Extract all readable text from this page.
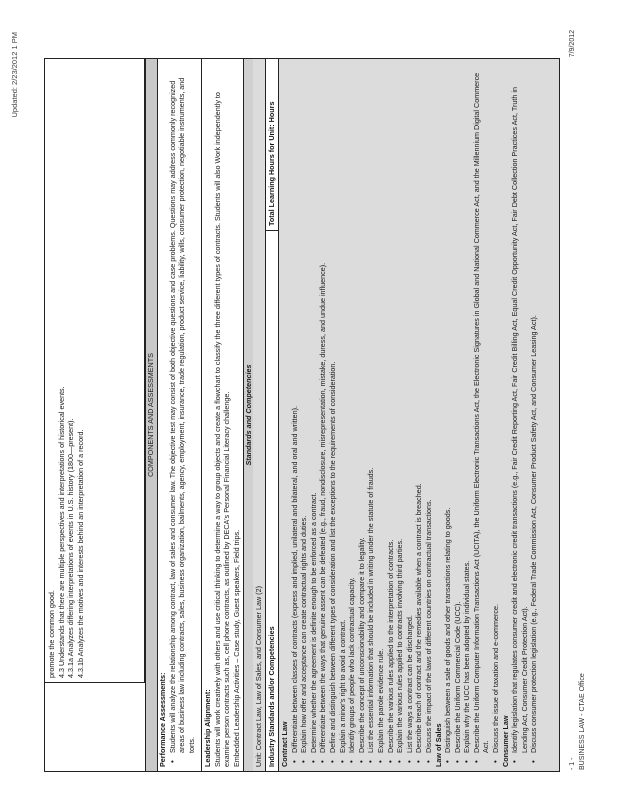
Updated: 2/23/2012 1 PM
promote the common good. 4.3 Understands that there are multiple perspectives and interpretations of historical events. 4.3.1a Analyzes differing interpretations of events in U.S. history (1800—present). 4.3.1b Analyzes the motives and interests behind an interpretation of a record.
COMPONENTS AND ASSESSMENTS
Performance Assessments: • Students will analyze the relationship among contract, law of sales and consumer law. The objective test may consist of both objective questions and case problems. Questions may address commonly recognized areas of business law including contracts, sales, business organization, bailments, agency, employment, insurance, trade regulation, product service, liability, wills, consumer protection, negotiable instruments, and torts. Leadership Alignment: Students will work creatively with others and use critical thinking to determine a way to group objects and create a flowchart to classify the three different types of contracts. Students will also Work independently to examine person contracts such as, cell phone contracts, as outlined by DECA's Personal Financial Literacy challenge. Embedded Leadership Activities – Case study, Guest speakers, Field trips.
Standards and Competencies
Unit: Contract Law, Law of Sales, and Consumer Law (2) Industry Standards and/or Competencies
Total Learning Hours for Unit: Hours
Contract Law • Differentiate between classes of contracts (express and implied, unilateral and bilateral, and oral and written). • Explain how offer and acceptance can create contractual rights and duties. • Determine whether the agreement is definite enough to be enforced as a contract. • Differentiate between the ways that genuine assent can be defeated (e.g., fraud, nondisclosure, misrepresentation, mistake, duress, and undue influence). • Define and distinguish between different types of consideration and list the exceptions to the requirements of consideration. • Explain a minor's right to avoid a contract. • Identify groups of people who lack contractual capacity. • Describe the concept of unconscionability and compare it to legality. • List the essential information that should be included in writing under the statute of frauds. • Explain the parole evidence rule. • Describe the various rules applied to the interpretation of contracts. • Explain the various rules applied to contracts involving third parties. • List the ways a contract can be discharged. • Describe breach of contract and the remedies available when a contract is breached. • Discuss the impact of the laws of different countries on contractual transactions. Law of Sales • Distinguish between a sale of goods and other transactions relating to goods. • Describe the Uniform Commercial Code (UCC). • Explain why the UCC has been adopted by individual states. • Describe the Uniform Computer Information Transactions Act (UCITA), the Uniform Electronic Transactions Act, the Electronic Signatures in Global and National Commerce Act, and the Millennium Digital Commerce Act. • Discuss the issue of taxation and e-commerce. Consumer Law • Identify legislation that regulates consumer credit and electronic credit transactions (e.g., Fair Credit Reporting Act, Fair Credit Billing Act, Equal Credit Opportunity Act, Fair Debt Collection Practices Act, Truth in Lending Act, Consumer Credit Protection Act). • Discuss consumer protection legislation (e.g., Federal Trade Commission Act, Consumer Product Safety Act, and Consumer Leasing Act).
- 1 - BUSINESS LAW - CTAE Office
7/9/2012
